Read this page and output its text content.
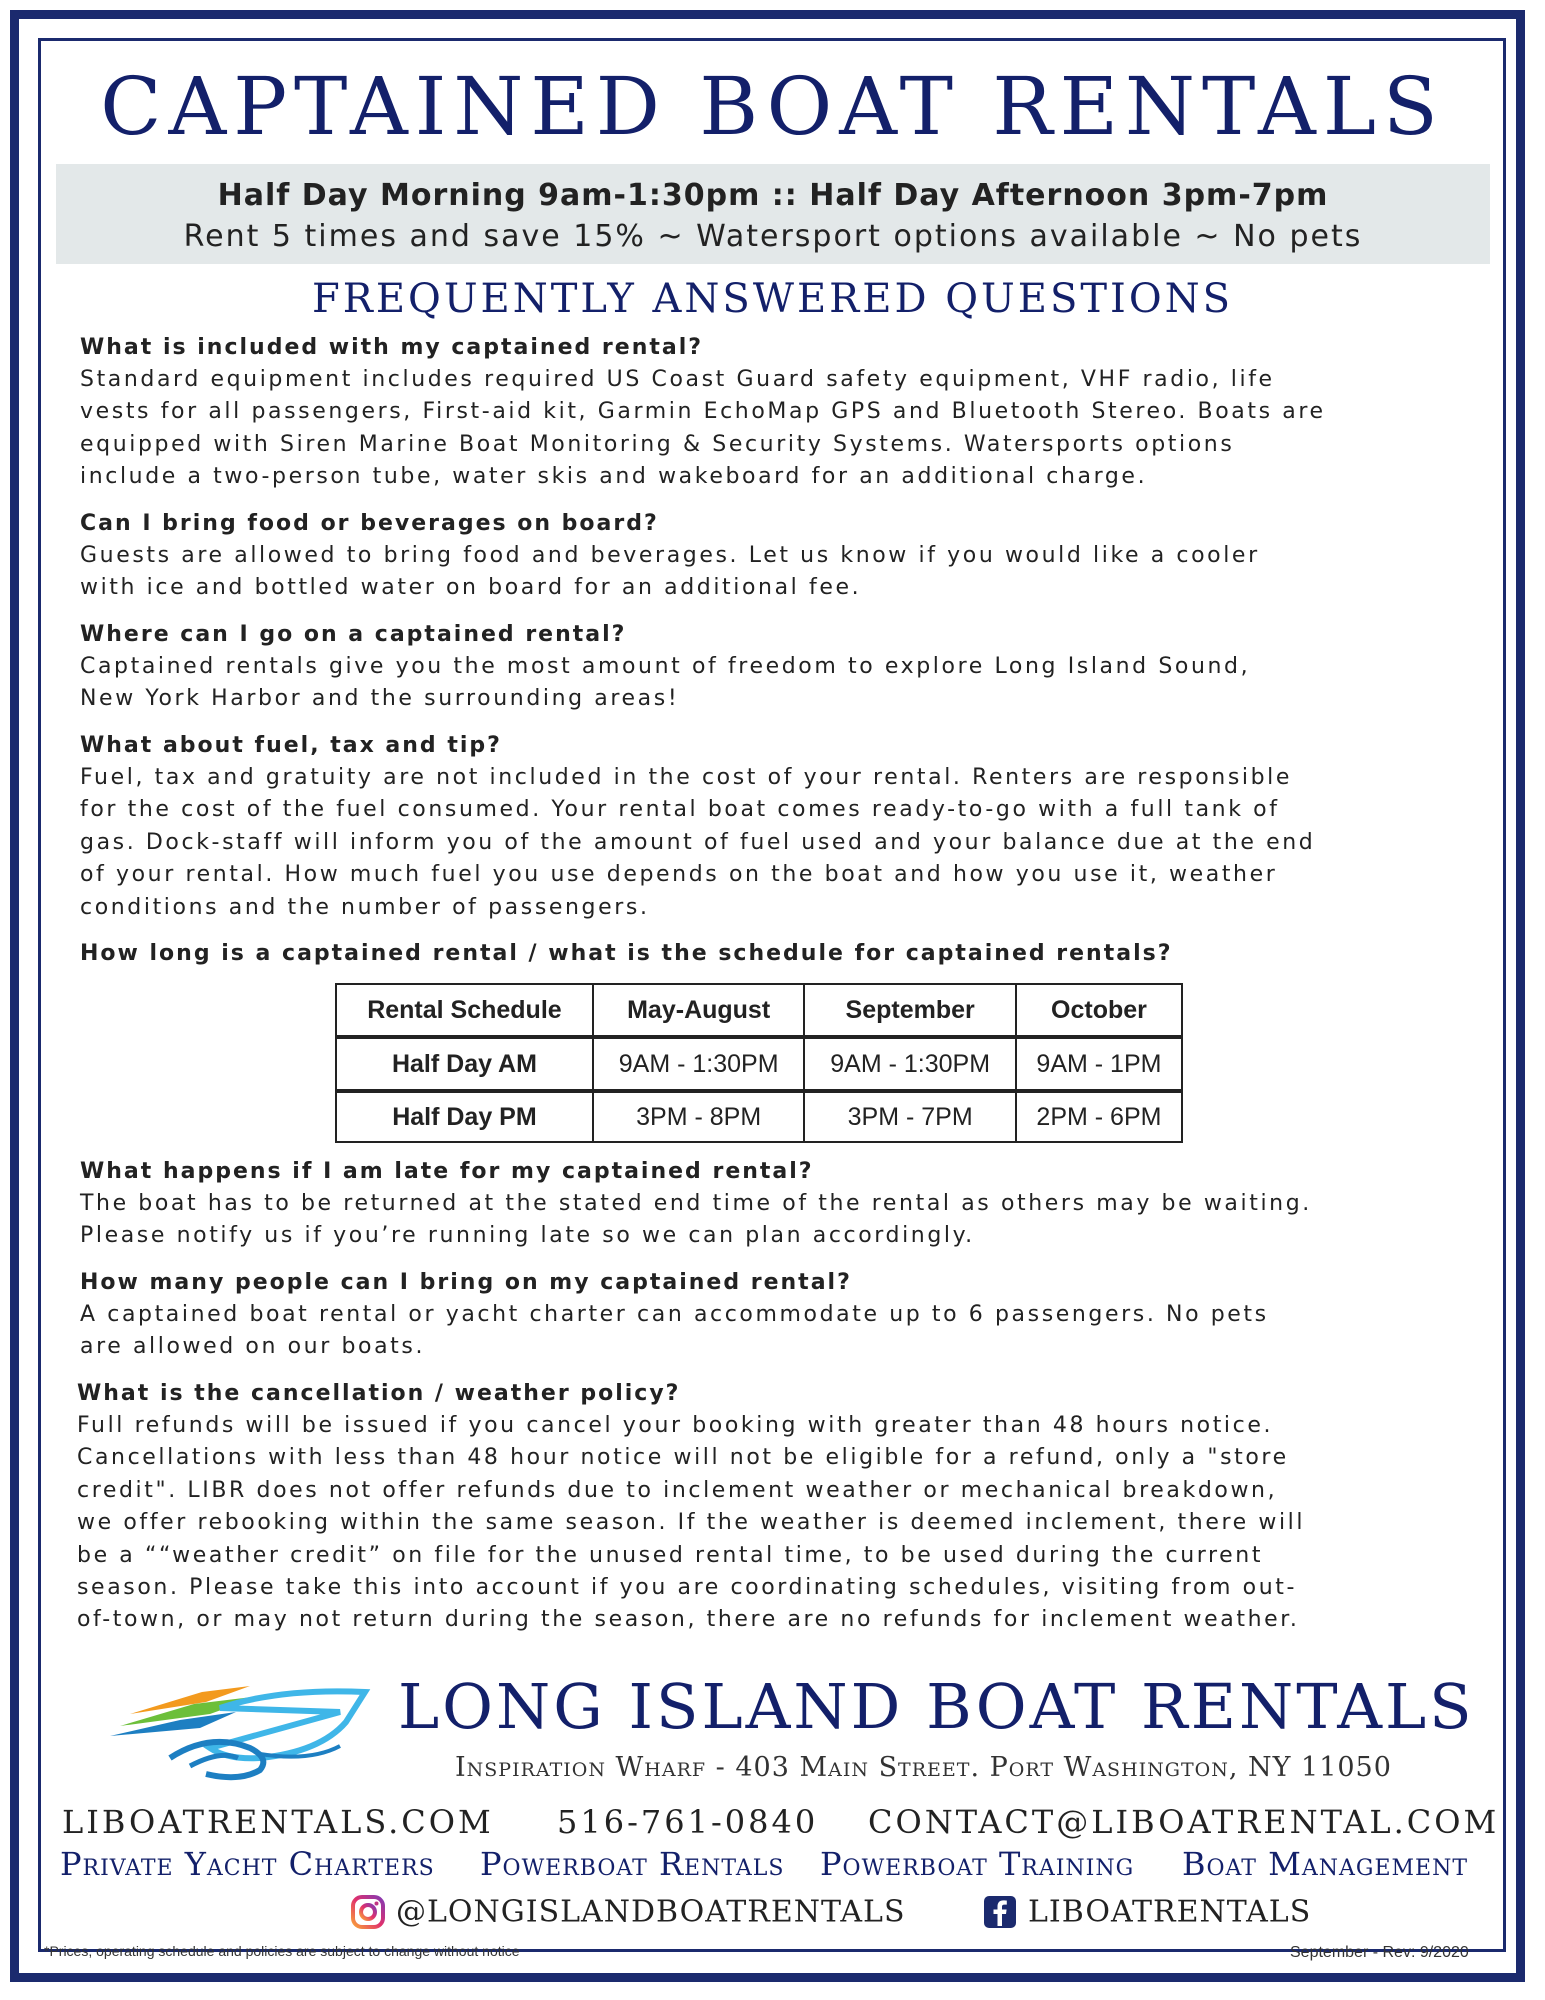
CAPTAINED BOAT RENTALS
Half Day Morning 9am-1:30pm :: Half Day Afternoon 3pm-7pm
Rent 5 times and save 15% ~ Watersport options available ~ No pets
FREQUENTLY ANSWERED QUESTIONS
What is included with my captained rental?
Standard equipment includes required US Coast Guard safety equipment, VHF radio, life
vests for all passengers, First-aid kit, Garmin EchoMap GPS and Bluetooth Stereo. Boats are
equipped with Siren Marine Boat Monitoring & Security Systems. Watersports options
include a two-person tube, water skis and wakeboard for an additional charge.
Can I bring food or beverages on board?
Guests are allowed to bring food and beverages. Let us know if you would like a cooler
with ice and bottled water on board for an additional fee.
Where can I go on a captained rental?
Captained rentals give you the most amount of freedom to explore Long Island Sound,
New York Harbor and the surrounding areas!
What about fuel, tax and tip?
Fuel, tax and gratuity are not included in the cost of your rental. Renters are responsible
for the cost of the fuel consumed. Your rental boat comes ready-to-go with a full tank of
gas. Dock-staff will inform you of the amount of fuel used and your balance due at the end
of your rental. How much fuel you use depends on the boat and how you use it, weather
conditions and the number of passengers.
How long is a captained rental / what is the schedule for captained rentals?
Rental Schedule	May-August	September	October
Half Day AM	9AM - 1:30PM	9AM - 1:30PM	9AM - 1PM
Half Day PM	3PM - 8PM	3PM - 7PM	2PM - 6PM
What happens if I am late for my captained rental?
The boat has to be returned at the stated end time of the rental as others may be waiting.
Please notify us if you’re running late so we can plan accordingly.
How many people can I bring on my captained rental?
A captained boat rental or yacht charter can accommodate up to 6 passengers. No pets
are allowed on our boats.
What is the cancellation / weather policy?
Full refunds will be issued if you cancel your booking with greater than 48 hours notice.
Cancellations with less than 48 hour notice will not be eligible for a refund, only a "store
credit". LIBR does not offer refunds due to inclement weather or mechanical breakdown,
we offer rebooking within the same season. If the weather is deemed inclement, there will
be a ““weather credit” on file for the unused rental time, to be used during the current
season. Please take this into account if you are coordinating schedules, visiting from out-
of-town, or may not return during the season, there are no refunds for inclement weather.
LONG ISLAND BOAT RENTALS
Inspiration Wharf - 403 Main Street. Port Washington, NY 11050
LIBOATRENTALS.COM 516-761-0840 CONTACT@LIBOATRENTAL.COM
Private Yacht Charters Powerboat Rentals Powerboat Training Boat Management
@LONGISLANDBOATRENTALS	LIBOATRENTALS
*Prices, operating schedule and policies are subject to change without notice	September - Rev: 9/2020
